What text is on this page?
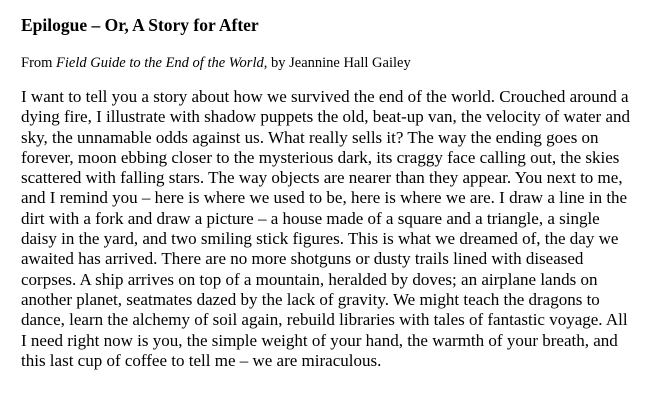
Epilogue – Or, A Story for After
From Field Guide to the End of the World, by Jeannine Hall Gailey
I want to tell you a story about how we survived the end of the world. Crouched around a
dying fire, I illustrate with shadow puppets the old, beat-up van, the velocity of water and
sky, the unnamable odds against us. What really sells it? The way the ending goes on
forever, moon ebbing closer to the mysterious dark, its craggy face calling out, the skies
scattered with falling stars. The way objects are nearer than they appear. You next to me,
and I remind you – here is where we used to be, here is where we are. I draw a line in the
dirt with a fork and draw a picture – a house made of a square and a triangle, a single
daisy in the yard, and two smiling stick figures. This is what we dreamed of, the day we
awaited has arrived. There are no more shotguns or dusty trails lined with diseased
corpses. A ship arrives on top of a mountain, heralded by doves; an airplane lands on
another planet, seatmates dazed by the lack of gravity. We might teach the dragons to
dance, learn the alchemy of soil again, rebuild libraries with tales of fantastic voyage. All
I need right now is you, the simple weight of your hand, the warmth of your breath, and
this last cup of coffee to tell me – we are miraculous.
